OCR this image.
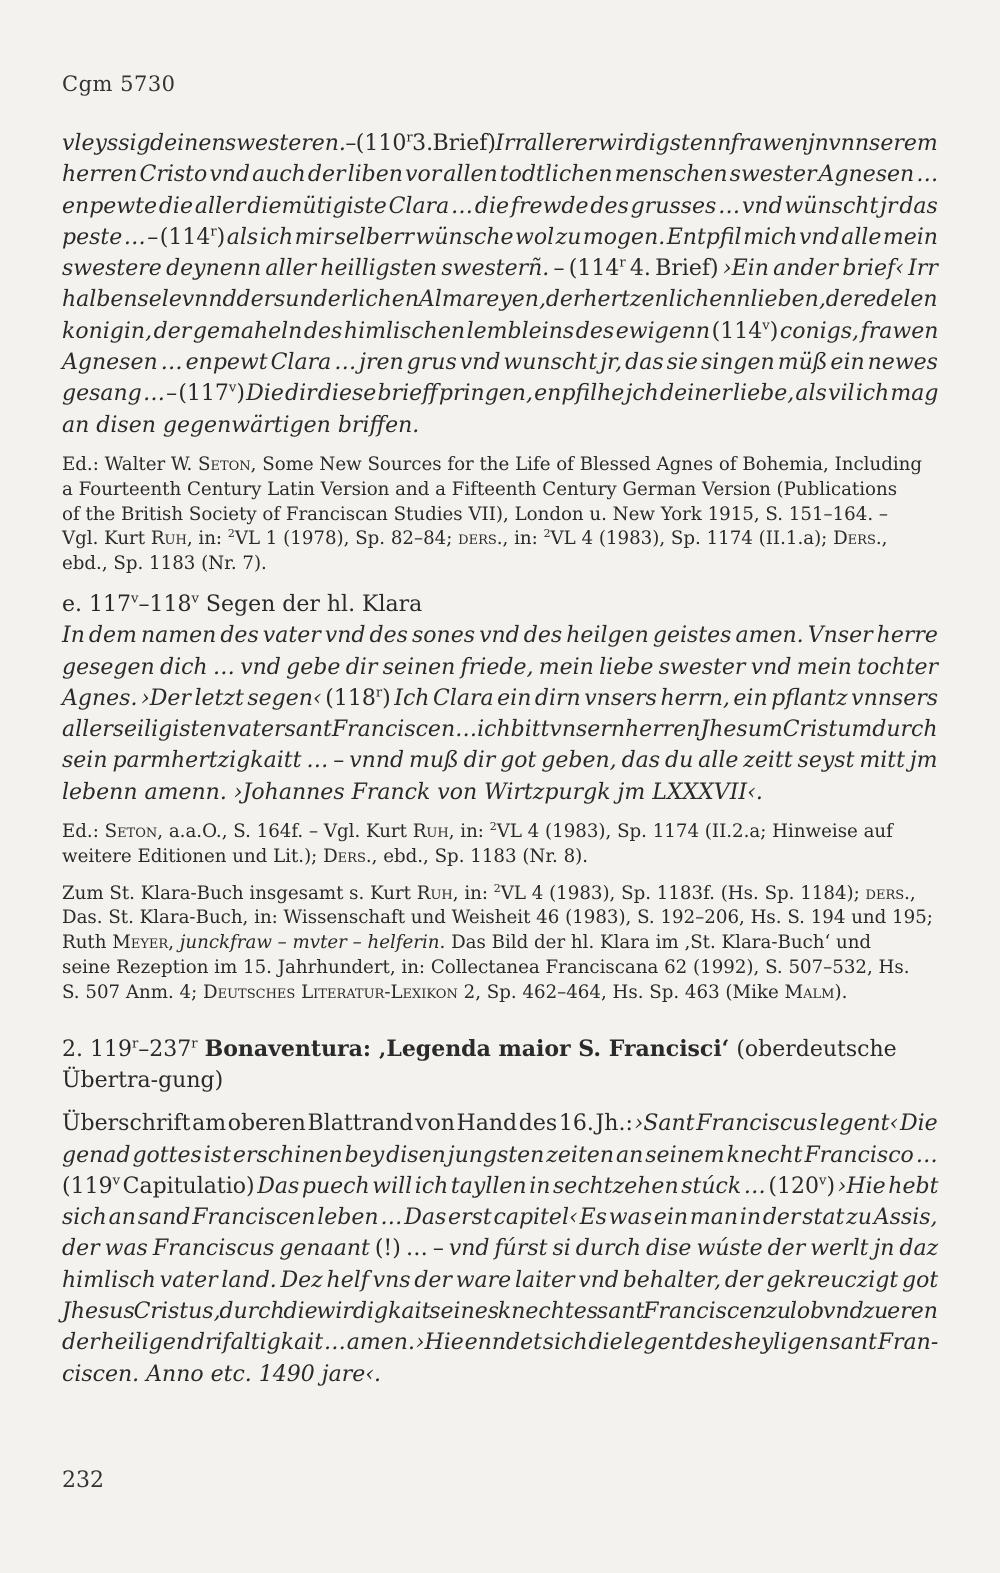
Cgm 5730
vleyssig deinen swesteren. – (110$^r$ 3. Brief) Irr aller erwirdigstenn frawen jn vnnserem
herren Cristo vnd auch der liben vor allen todtlichen menschen swester Agnesen …
enpewte die aller diemütigiste Clara … die frewde des grusses … vnd wünscht jr das
peste … – (114$^r$) als ich mir selberr wünsche wol zu mogen. Entpfil mich vnd alle mein
swestere deynenn aller heilligsten swesterñ. – (114$^r$ 4. Brief) ›Ein ander brief‹ Irr
halben sele vnnd der sunderlichen Almareyen, der hertzenlichenn lieben, der edelen
konigin, der gemaheln des himlischen lembleins des ewigenn (114$^v$) conigs, frawen
Agnesen … enpewt Clara … jren grus vnd wunscht jr, das sie singen müß ein newes
gesang … – (117$^v$) Die dir diese brieff pringen, enpfilhe jch deiner liebe, als vil ich mag
an disen gegenwärtigen briffen.
Ed.: Walter W. Seton, Some New Sources for the Life of Blessed Agnes of Bohemia, Including
a Fourteenth Century Latin Version and a Fifteenth Century German Version (Publications
of the British Society of Franciscan Studies VII), London u. New York 1915, S. 151–164. –
Vgl. Kurt Ruh, in: $^2$VL 1 (1978), Sp. 82–84; ders., in: $^2$VL 4 (1983), Sp. 1174 (II.1.a); Ders.,
ebd., Sp. 1183 (Nr. 7).
e. 117$^v$–118$^v$ Segen der hl. Klara
In dem namen des vater vnd des sones vnd des heilgen geistes amen. Vnser herre
gesegen dich … vnd gebe dir seinen friede, mein liebe swester vnd mein tochter
Agnes. ›Der letzt segen‹ (118$^r$) Ich Clara ein dirn vnsers herrn, ein pflantz vnnsers
aller seiligisten vater sant Franciscen … ich bitt vnsern herren Jhesum Cristum durch
sein parmhertzigkaitt … – vnnd muß dir got geben, das du alle zeitt seyst mitt jm
lebenn amenn. ›Johannes Franck von Wirtzpurgk jm LXXXVII‹.
Ed.: Seton, a.a.O., S. 164f. – Vgl. Kurt Ruh, in: $^2$VL 4 (1983), Sp. 1174 (II.2.a; Hinweise auf
weitere Editionen und Lit.); Ders., ebd., Sp. 1183 (Nr. 8).
Zum St. Klara-Buch insgesamt s. Kurt Ruh, in: $^2$VL 4 (1983), Sp. 1183f. (Hs. Sp. 1184); ders.,
Das. St. Klara-Buch, in: Wissenschaft und Weisheit 46 (1983), S. 192–206, Hs. S. 194 und 195;
Ruth Meyer, junckfraw – mvter – helferin. Das Bild der hl. Klara im ‚St. Klara-Buch‘ und
seine Rezeption im 15. Jahrhundert, in: Collectanea Franciscana 62 (1992), S. 507–532, Hs.
S. 507 Anm. 4; Deutsches Literatur-Lexikon 2, Sp. 462–464, Hs. Sp. 463 (Mike Malm).
2. 119$^r$–237$^r$ Bonaventura: ‚Legenda maior S. Francisci‘ (oberdeutsche Übertra-gung)
Überschrift am oberen Blattrand von Hand des 16. Jh.: ›Sant Franciscus legent‹ Die
genad gottes ist erschinen bey disen jungsten zeiten an seinem knecht Francisco …
(119$^v$ Capitulatio) Das puech will ich tayllen in sechtzehen stúck … (120$^v$) ›Hie hebt
sich an sand Franciscen leben … Das erst capitel‹ Es was ein man in der stat zu Assis,
der was Franciscus genaant (!) … – vnd fúrst si durch dise wúste der werlt jn daz
himlisch vater land. Dez helf vns der ware laiter vnd behalter, der gekreuczigt got
Jhesus Cristus, durch die wirdigkait seines knechtes sant Franciscen zu lob vnd zu eren
der heiligen drifaltigkait … amen. ›Hie enndet sich die legent des heyligen sant Fran-
ciscen. Anno etc. 1490 jare‹.
232
